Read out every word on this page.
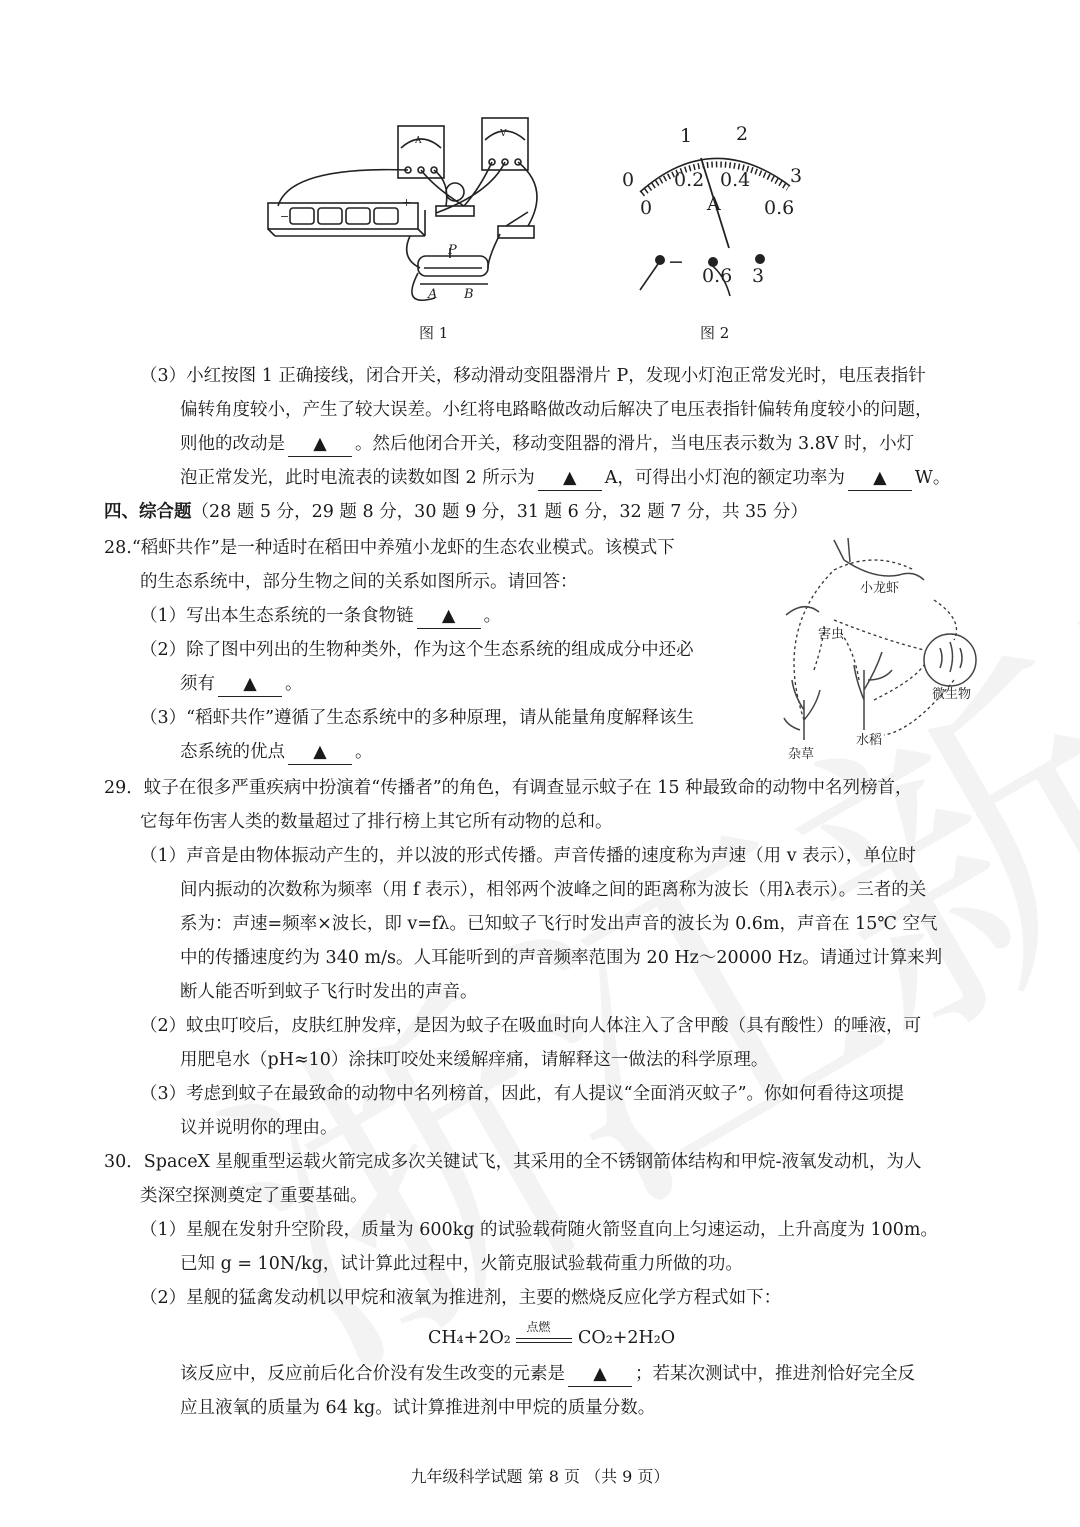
A
V
P
A B
+
−
图 1
1 2
0	3
0
0.2 0.4
0.6
A
−
0.6 3
图 2
（3）小红按图 1 正确接线，闭合开关，移动滑动变阻器滑片 P，发现小灯泡正常发光时，电压表指针
偏转角度较小，产生了较大误差。小红将电路略做改动后解决了电压表指针偏转角度较小的问题，
则他的改动是 ▲ 。然后他闭合开关，移动变阻器的滑片，当电压表示数为 3.8V 时，小灯
泡正常发光，此时电流表的读数如图 2 所示为 ▲ A，可得出小灯泡的额定功率为 ▲ W。
四、综合题（28 题 5 分，29 题 8 分，30 题 9 分，31 题 6 分，32 题 7 分，共 35 分）
28.“稻虾共作”是一种适时在稻田中养殖小龙虾的生态农业模式。该模式下
的生态系统中，部分生物之间的关系如图所示。请回答：
（1）写出本生态系统的一条食物链 ▲ 。
（2）除了图中列出的生物种类外，作为这个生态系统的组成成分中还必
须有 ▲ 。
（3）“稻虾共作”遵循了生态系统中的多种原理，请从能量角度解释该生
态系统的优点 ▲ 。
小龙虾
害虫
微生物
杂草
水稻
29．蚊子在很多严重疾病中扮演着“传播者”的角色，有调查显示蚊子在 15 种最致命的动物中名列榜首，
它每年伤害人类的数量超过了排行榜上其它所有动物的总和。
（1）声音是由物体振动产生的，并以波的形式传播。声音传播的速度称为声速（用 v 表示），单位时
间内振动的次数称为频率（用 f 表示），相邻两个波峰之间的距离称为波长（用λ表示）。三者的关
系为：声速=频率×波长，即 v=fλ。已知蚊子飞行时发出声音的波长为 0.6m，声音在 15℃ 空气
中的传播速度约为 340 m/s。人耳能听到的声音频率范围为 20 Hz～20000 Hz。请通过计算来判
断人能否听到蚊子飞行时发出的声音。
（2）蚊虫叮咬后，皮肤红肿发痒，是因为蚊子在吸血时向人体注入了含甲酸（具有酸性）的唾液，可
用肥皂水（pH≈10）涂抹叮咬处来缓解痒痛，请解释这一做法的科学原理。
（3）考虑到蚊子在最致命的动物中名列榜首，因此，有人提议“全面消灭蚊子”。你如何看待这项提
议并说明你的理由。
30．SpaceX 星舰重型运载火箭完成多次关键试飞，其采用的全不锈钢箭体结构和甲烷-液氧发动机，为人
类深空探测奠定了重要基础。
（1）星舰在发射升空阶段，质量为 600kg 的试验载荷随火箭竖直向上匀速运动，上升高度为 100m。
已知 g = 10N/kg，试计算此过程中，火箭克服试验载荷重力所做的功。
（2）星舰的猛禽发动机以甲烷和液氧为推进剂，主要的燃烧反应化学方程式如下：
CH₄+2O₂
点燃
CO₂+2H₂O
该反应中，反应前后化合价没有发生改变的元素是 ▲ ；若某次测试中，推进剂恰好完全反
应且液氧的质量为 64 kg。试计算推进剂中甲烷的质量分数。
九年级科学试题 第 8 页 （共 9 页）
